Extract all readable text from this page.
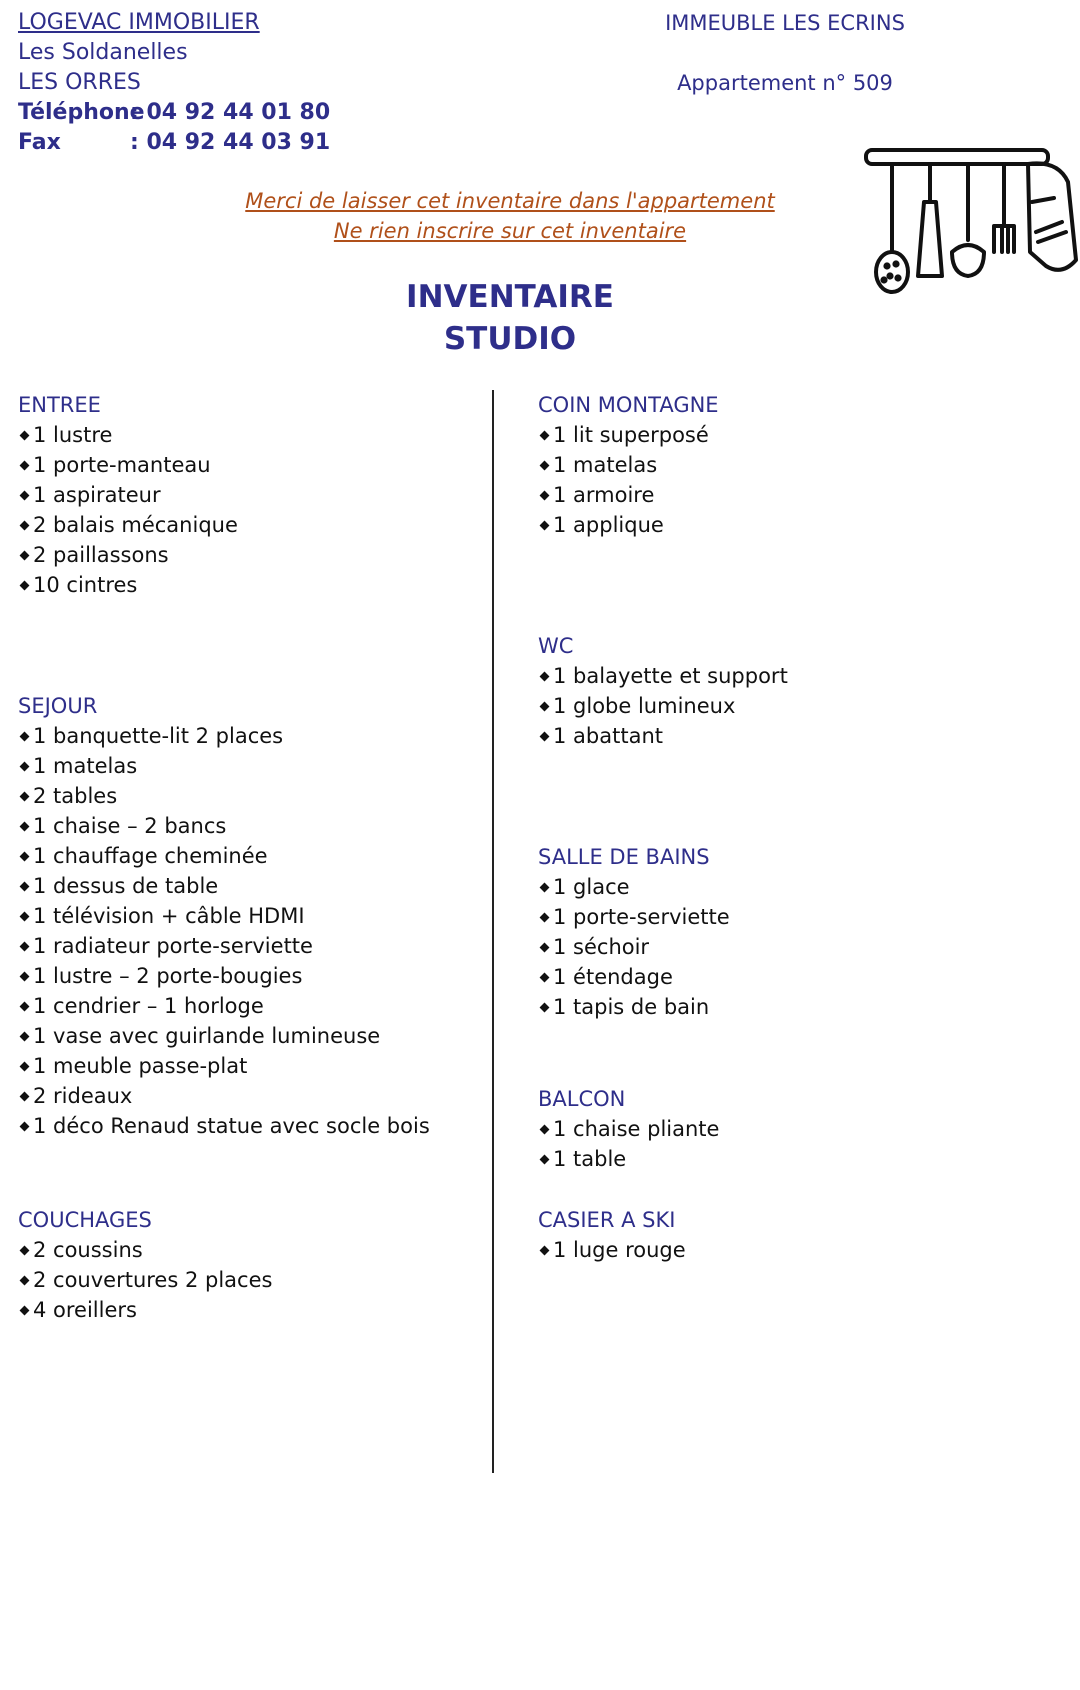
LOGEVAC IMMOBILIER
Les Soldanelles
LES ORRES
Téléphone
: 04 92 44 01 80
Fax	: 04 92 44 03 91
IMMEUBLE LES ECRINS
Appartement n° 509
Merci de laisser cet inventaire dans l'appartement
Ne rien inscrire sur cet inventaire
INVENTAIRE
STUDIO
ENTREE
1 lustre
1 porte-manteau
1 aspirateur
2 balais mécanique
2 paillassons
10 cintres
SEJOUR
1 banquette-lit 2 places
1 matelas
2 tables
1 chaise – 2 bancs
1 chauffage cheminée
1 dessus de table
1 télévision + câble HDMI
1 radiateur porte-serviette
1 lustre – 2 porte-bougies
1 cendrier – 1 horloge
1 vase avec guirlande lumineuse
1 meuble passe-plat
2 rideaux
1 déco Renaud statue avec socle bois
COUCHAGES
2 coussins
2 couvertures 2 places
4 oreillers
COIN MONTAGNE
1 lit superposé
1 matelas
1 armoire
1 applique
WC
1 balayette et support
1 globe lumineux
1 abattant
SALLE DE BAINS
1 glace
1 porte-serviette
1 séchoir
1 étendage
1 tapis de bain
BALCON
1 chaise pliante
1 table
CASIER A SKI
1 luge rouge
